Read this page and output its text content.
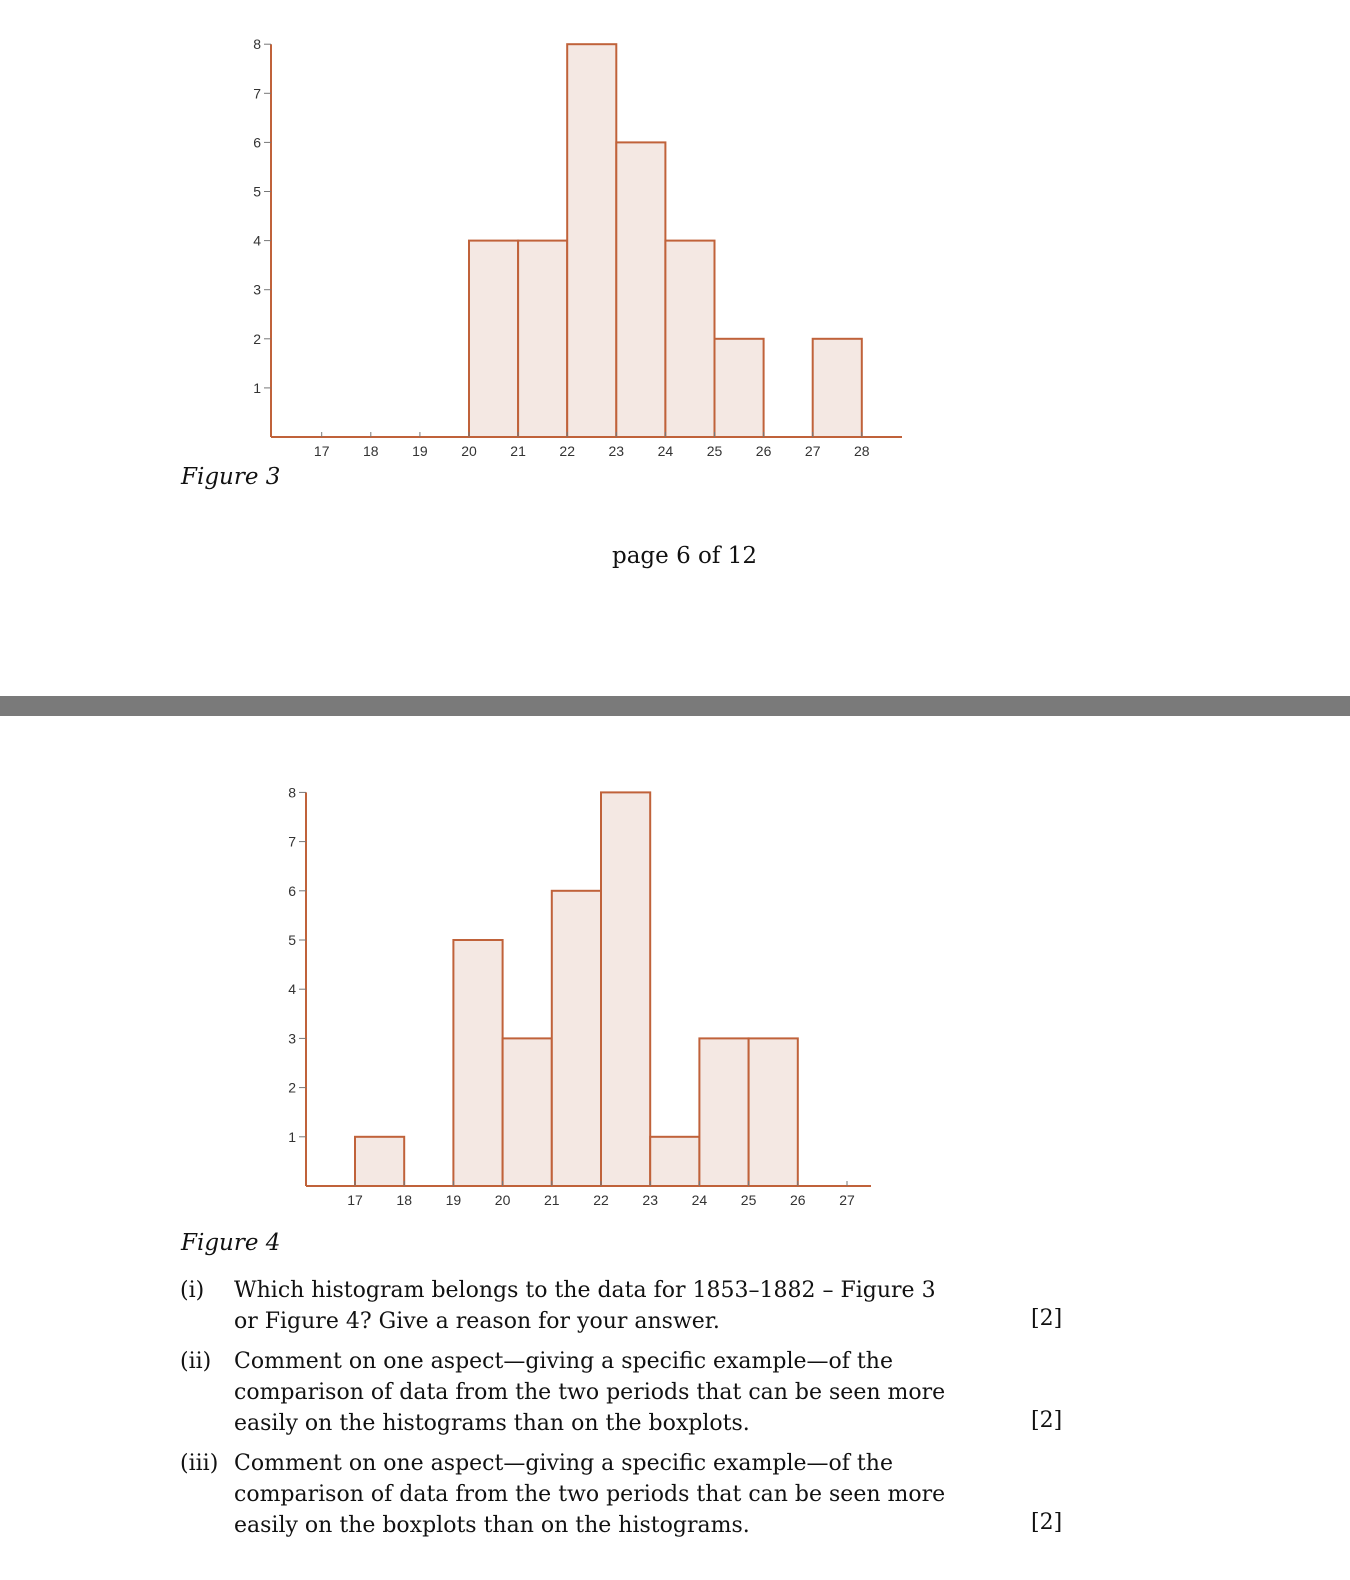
1
2
3
4
5
6
7
8
17 18 19 20 21 22 23 24 25 26 27 28
Figure 3
page 6 of 12
1
2
3
4
5
6
7
8
17 18 19 20 21 22 23 24 25 26 27
Figure 4
(i) Which histogram belongs to the data for 1853–1882 – Figure 3 or Figure 4? Give a reason for your answer.	[2]
(ii) Comment on one aspect—giving a specific example—of the comparison of data from the two periods that can be seen more easily on the histograms than on the boxplots.	[2]
(iii) Comment on one aspect—giving a specific example—of the comparison of data from the two periods that can be seen more easily on the boxplots than on the histograms.	[2]
